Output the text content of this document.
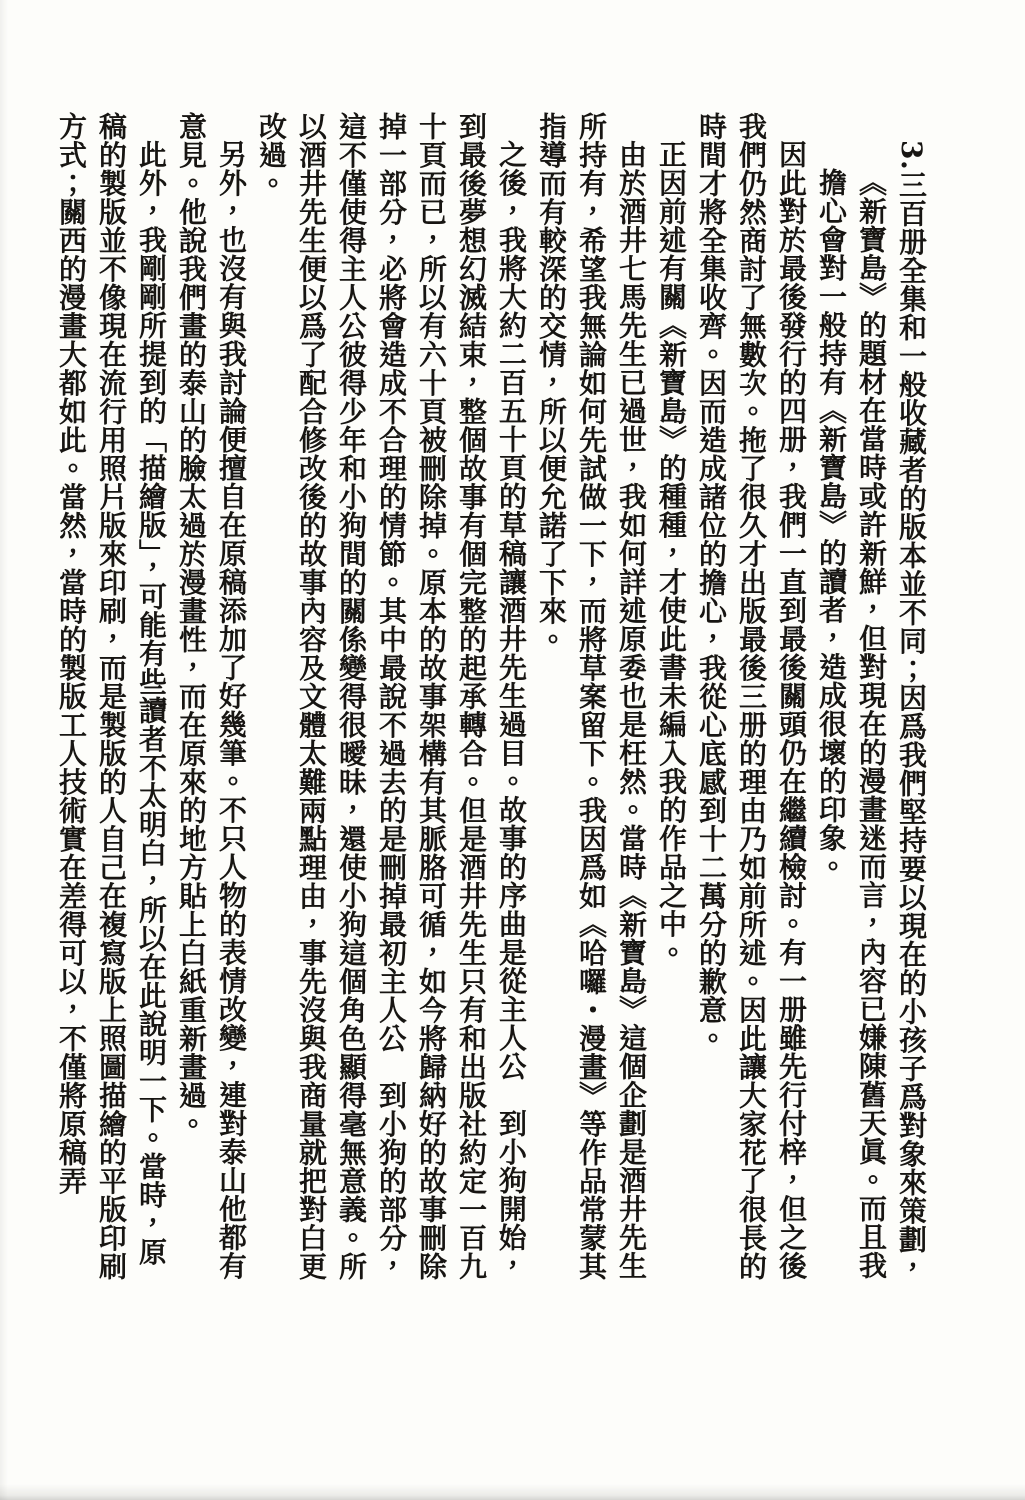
3.三百册全集和一般收藏者的版本並不同；因爲我們堅持要以現在的小孩子爲對象來策劃，《新寶島》的題材在當時或許新鮮，但對現在的漫畫迷而言，內容已嫌陳舊天眞。而且我擔心會對一般持有《新寶島》的讀者，造成很壞的印象。

因此對於最後發行的四册，我們一直到最後關頭仍在繼續檢討。有一册雖先行付梓，但之後我們仍然商討了無數次。拖了很久才出版最後三册的理由乃如前所述。因此讓大家花了很長的時間才將全集收齊。因而造成諸位的擔心，我從心底感到十二萬分的歉意。

正因前述有關《新寶島》的種種，才使此書未編入我的作品之中。

由於酒井七馬先生已過世，我如何詳述原委也是枉然。當時《新寶島》這個企劃是酒井先生所持有，希望我無論如何先試做一下，而將草案留下。我因爲如《哈囉・漫畫》等作品常蒙其指導而有較深的交情，所以便允諾了下來。

之後，我將大約二百五十頁的草稿讓酒井先生過目。故事的序曲是從主人公　到小狗開始，到最後夢想幻滅結束，整個故事有個完整的起承轉合。但是酒井先生只有和出版社約定一百九十頁而已，所以有六十頁被刪除掉。原本的故事架構有其脈胳可循，如今將歸納好的故事刪除掉一部分，必將會造成不合理的情節。其中最說不過去的是刪掉最初主人公　到小狗的部分，這不僅使得主人公彼得少年和小狗間的關係變得很曖昧，還使小狗這個角色顯得毫無意義。所以酒井先生便以爲了配合修改後的故事內容及文體太難兩點理由，事先沒與我商量就把對白更改過。

另外，也沒有與我討論便擅自在原稿添加了好幾筆。不只人物的表情改變，連對泰山他都有意見。他說我們畫的泰山的臉太過於漫畫性，而在原來的地方貼上白紙重新畫過。

此外，我剛剛所提到的「描繪版」，可能有些讀者不太明白，所以在此說明一下。當時，原稿的製版並不像現在流行用照片版來印刷，而是製版的人自己在複寫版上照圖描繪的平版印刷方式；關西的漫畫大都如此。當然，當時的製版工人技術實在差得可以，不僅將原稿弄
